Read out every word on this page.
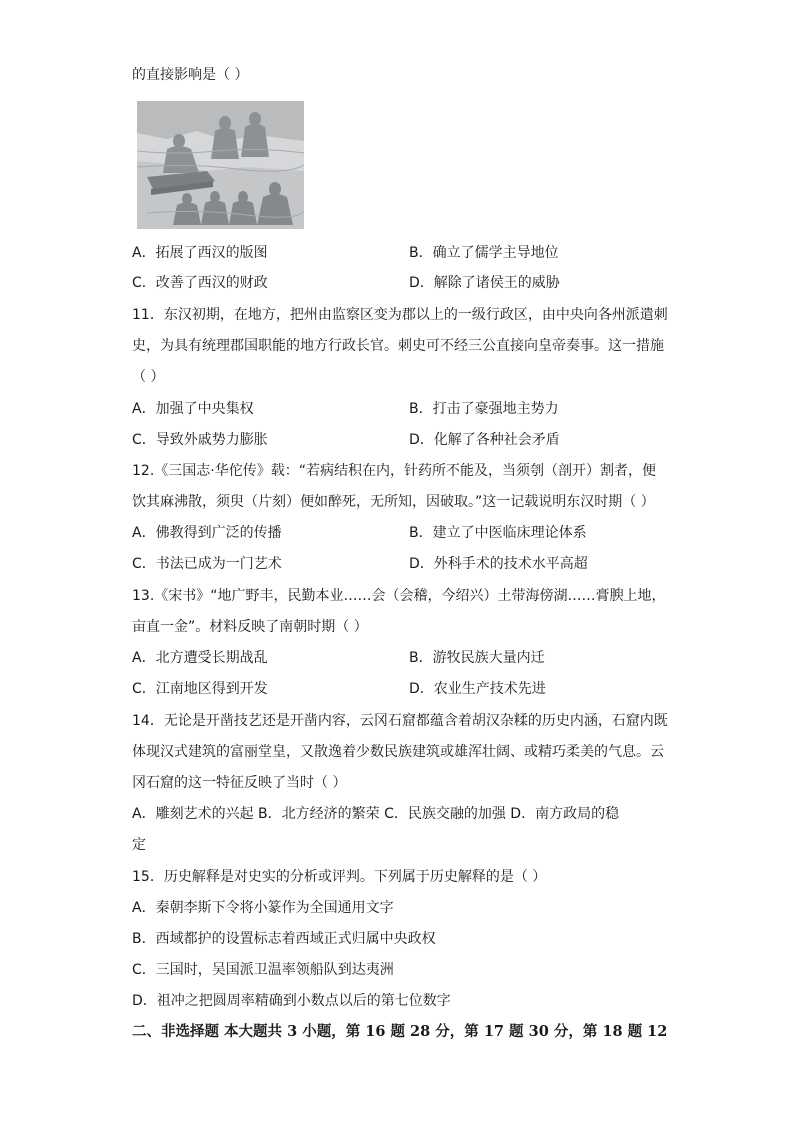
的直接影响是（ ）
A．拓展了西汉的版图	B．确立了儒学主导地位
C．改善了西汉的财政	D．解除了诸侯王的威胁
11．东汉初期，在地方，把州由监察区变为郡以上的一级行政区，由中央向各州派遣刺
史，为具有统理郡国职能的地方行政长官。刺史可不经三公直接向皇帝奏事。这一措施
（ ）
A．加强了中央集权	B．打击了豪强地主势力
C．导致外戚势力膨胀	D．化解了各种社会矛盾
12.《三国志·华佗传》载：“若病结积在内，针药所不能及，当须刳（剖开）割者，便
饮其麻沸散，须臾（片刻）便如醉死，无所知，因破取。”这一记载说明东汉时期（ ）
A．佛教得到广泛的传播	B．建立了中医临床理论体系
C．书法已成为一门艺术	D．外科手术的技术水平高超
13.《宋书》“地广野丰，民勤本业……会（会稽，今绍兴）土带海傍湖……膏腴上地，
亩直一金”。材料反映了南朝时期（ ）
A．北方遭受长期战乱	B．游牧民族大量内迁
C．江南地区得到开发	D．农业生产技术先进
14．无论是开凿技艺还是开凿内容，云冈石窟都蕴含着胡汉杂糅的历史内涵，石窟内既
体现汉式建筑的富丽堂皇，又散逸着少数民族建筑或雄浑壮阔、或精巧柔美的气息。云
冈石窟的这一特征反映了当时（ ）
A．雕刻艺术的兴起 B．北方经济的繁荣 C．民族交融的加强 D．南方政局的稳
定
15．历史解释是对史实的分析或评判。下列属于历史解释的是（ ）
A．秦朝李斯下令将小篆作为全国通用文字
B．西域都护的设置标志着西域正式归属中央政权
C．三国时，吴国派卫温率领船队到达夷洲
D．祖冲之把圆周率精确到小数点以后的第七位数字
二、非选择题 本大题共 3 小题，第 16 题 28 分，第 17 题 30 分，第 18 题 12
